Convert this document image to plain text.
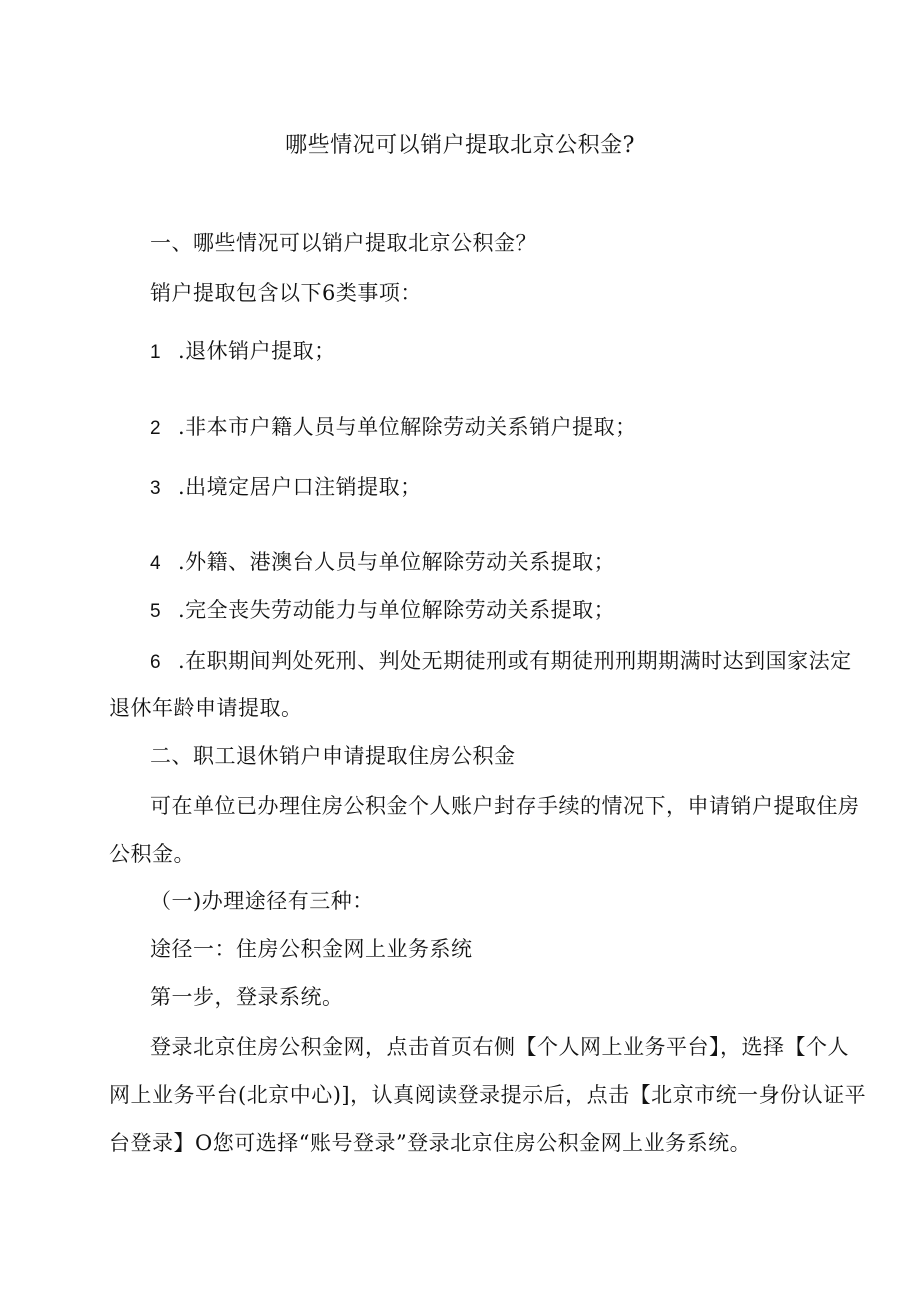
哪些情况可以销户提取北京公积金?
一、哪些情况可以销户提取北京公积金？
销户提取包含以下6类事项：
1 .退休销户提取；
2 .非本市户籍人员与单位解除劳动关系销户提取；
3 .出境定居户口注销提取；
4 .外籍、港澳台人员与单位解除劳动关系提取；
5 .完全丧失劳动能力与单位解除劳动关系提取；
6 .在职期间判处死刑、判处无期徒刑或有期徒刑刑期期满时达到国家法定
退休年龄申请提取。
二、职工退休销户申请提取住房公积金
可在单位已办理住房公积金个人账户封存手续的情况下，申请销户提取住房
公积金。
（一)办理途径有三种：
途径一：住房公积金网上业务系统
第一步，登录系统。
登录北京住房公积金网，点击首页右侧【个人网上业务平台】，选择【个人
网上业务平台(北京中心)]，认真阅读登录提示后，点击【北京市统一身份认证平
台登录】O您可选择“账号登录”登录北京住房公积金网上业务系统。
